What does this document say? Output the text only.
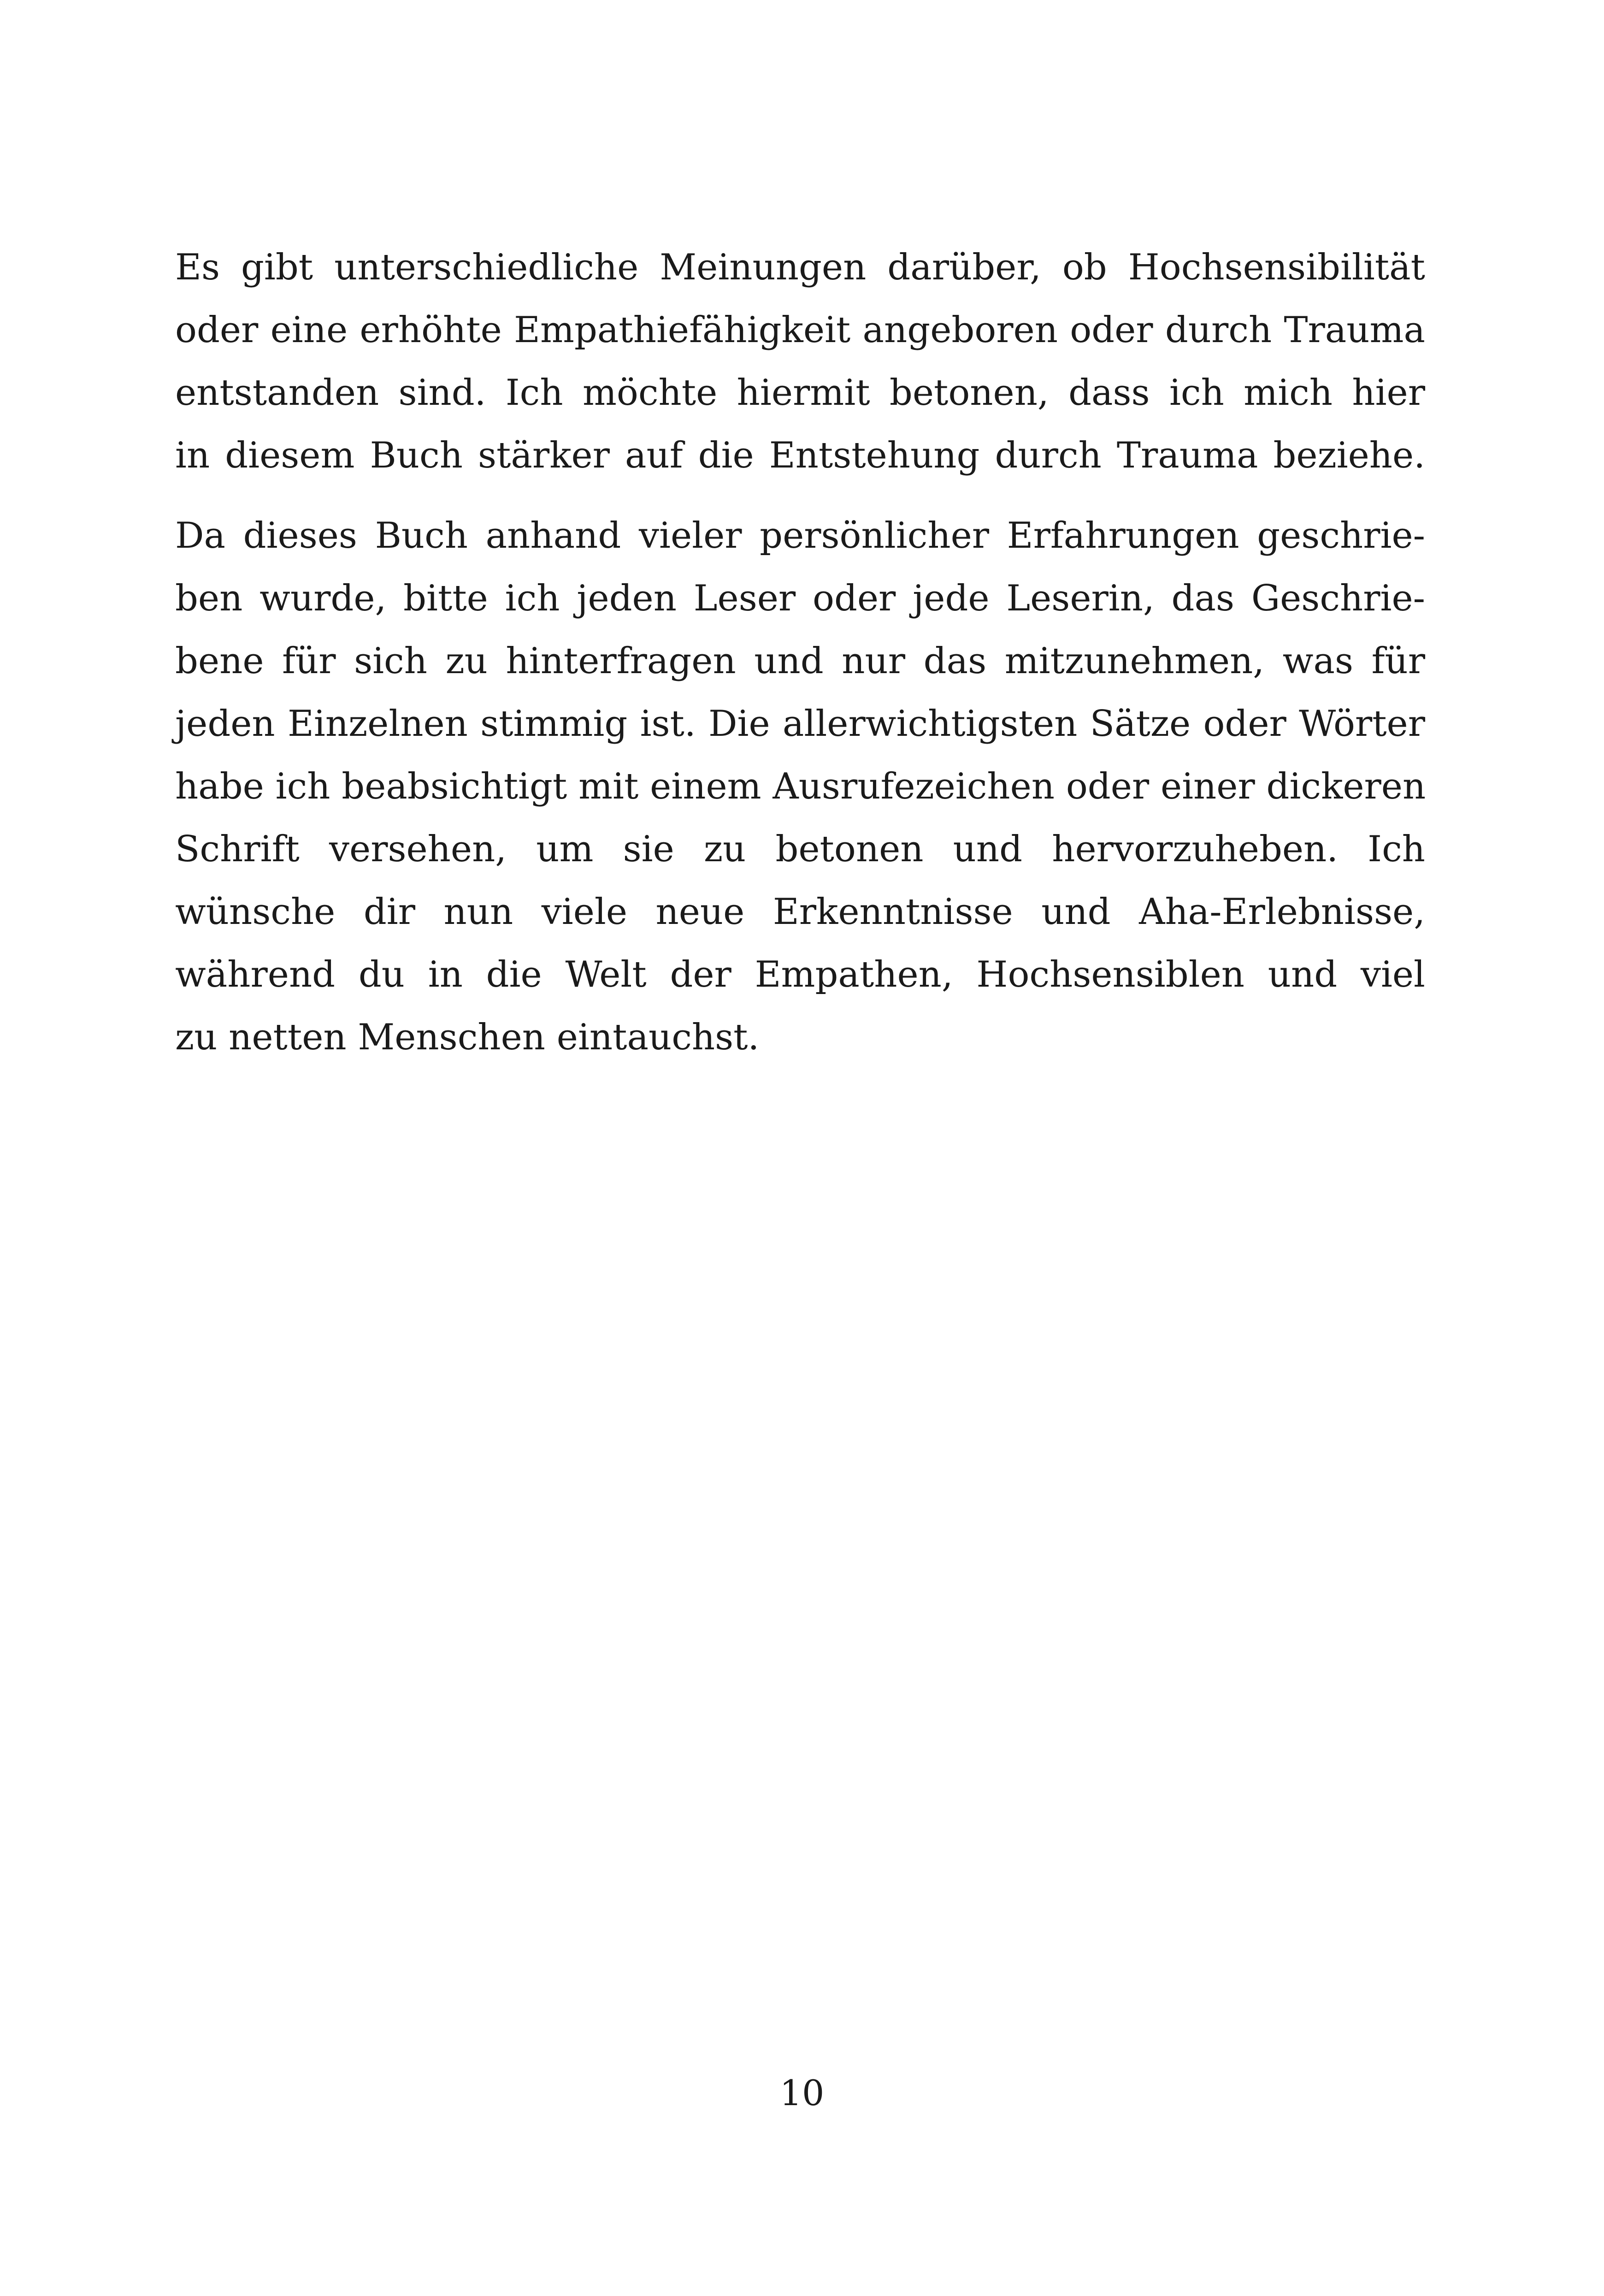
Es gibt unterschiedliche Meinungen darüber, ob Hochsensibilität
oder eine erhöhte Empathiefähigkeit angeboren oder durch Trauma
entstanden sind. Ich möchte hiermit betonen, dass ich mich hier
in diesem Buch stärker auf die Entstehung durch Trauma beziehe.
Da dieses Buch anhand vieler persönlicher Erfahrungen geschrie-
ben wurde, bitte ich jeden Leser oder jede Leserin, das Geschrie-
bene für sich zu hinterfragen und nur das mitzunehmen, was für
jeden Einzelnen stimmig ist. Die allerwichtigsten Sätze oder Wörter
habe ich beabsichtigt mit einem Ausrufezeichen oder einer dickeren
Schrift versehen, um sie zu betonen und hervorzuheben. Ich
wünsche dir nun viele neue Erkenntnisse und Aha-Erlebnisse,
während du in die Welt der Empathen, Hochsensiblen und viel
zu netten Menschen eintauchst.
10
